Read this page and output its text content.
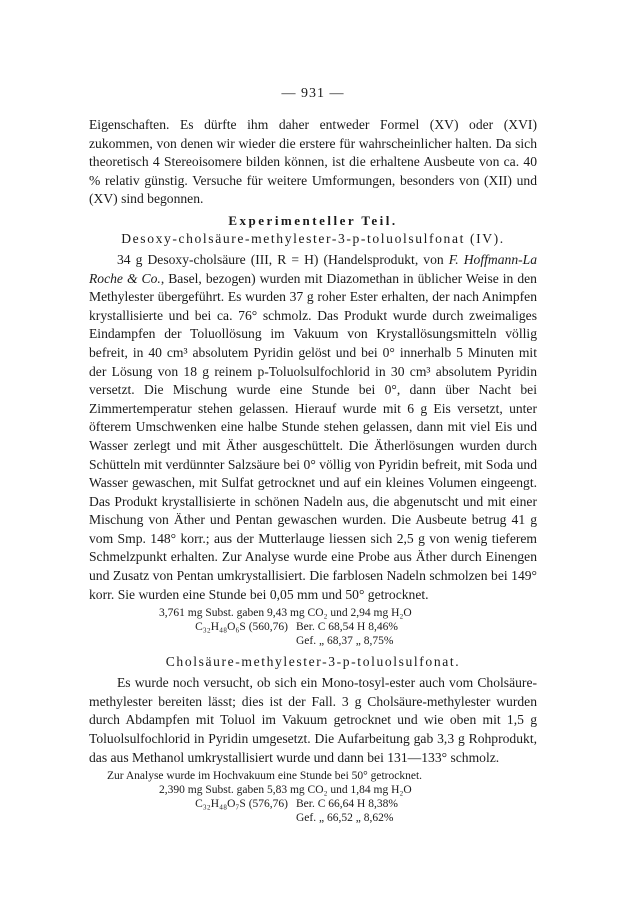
— 931 —

Eigenschaften. Es dürfte ihm daher entweder Formel (XV) oder (XVI) zukommen, von denen wir wieder die erstere für wahrscheinlicher halten. Da sich theoretisch 4 Stereoisomere bilden können, ist die erhaltene Ausbeute von ca. 40 % relativ günstig. Versuche für weitere Umformungen, besonders von (XII) und (XV) sind begonnen.

Experimenteller Teil.
Desoxy-cholsäure-methylester-3-p-toluolsulfonat (IV).

34 g Desoxy-cholsäure (III, R = H) (Handelsprodukt, von F. Hoffmann-La Roche & Co., Basel, bezogen) wurden mit Diazomethan in üblicher Weise in den Methylester übergeführt. Es wurden 37 g roher Ester erhalten, der nach Animpfen krystallisierte und bei ca. 76° schmolz. Das Produkt wurde durch zweimaliges Eindampfen der Toluollösung im Vakuum von Krystallösungsmitteln völlig befreit, in 40 cm³ absolutem Pyridin gelöst und bei 0° innerhalb 5 Minuten mit der Lösung von 18 g reinem p-Toluolsulfochlorid in 30 cm³ absolutem Pyridin versetzt. Die Mischung wurde eine Stunde bei 0°, dann über Nacht bei Zimmertemperatur stehen gelassen. Hierauf wurde mit 6 g Eis versetzt, unter öfterem Umschwenken eine halbe Stunde stehen gelassen, dann mit viel Eis und Wasser zerlegt und mit Äther ausgeschüttelt. Die Ätherlösungen wurden durch Schütteln mit verdünnter Salzsäure bei 0° völlig von Pyridin befreit, mit Soda und Wasser gewaschen, mit Sulfat getrocknet und auf ein kleines Volumen eingeengt. Das Produkt krystallisierte in schönen Nadeln aus, die abgenutscht und mit einer Mischung von Äther und Pentan gewaschen wurden. Die Ausbeute betrug 41 g vom Smp. 148° korr.; aus der Mutterlauge liessen sich 2,5 g von wenig tieferem Schmelzpunkt erhalten. Zur Analyse wurde eine Probe aus Äther durch Einengen und Zusatz von Pentan umkrystallisiert. Die farblosen Nadeln schmolzen bei 149° korr. Sie wurden eine Stunde bei 0,05 mm und 50° getrocknet.

3,761 mg Subst. gaben 9,43 mg CO₂ und 2,94 mg H₂O
C₃₂H₄₈O₆S (560,76) Ber. C 68,54 H 8,46%
Gef. „ 68,37 „ 8,75%
Cholsäure-methylester-3-p-toluolsulfonat.

Es wurde noch versucht, ob sich ein Mono-tosyl-ester auch vom Cholsäure-methylester bereiten lässt; dies ist der Fall. 3 g Cholsäure-methylester wurden durch Abdampfen mit Toluol im Vakuum getrocknet und wie oben mit 1,5 g Toluolsulfochlorid in Pyridin umgesetzt. Die Aufarbeitung gab 3,3 g Rohprodukt, das aus Methanol umkrystallisiert wurde und dann bei 131—133° schmolz.

Zur Analyse wurde im Hochvakuum eine Stunde bei 50° getrocknet.
2,390 mg Subst. gaben 5,83 mg CO₂ und 1,84 mg H₂O
C₃₂H₄₈O₇S (576,76) Ber. C 66,64 H 8,38%
Gef. „ 66,52 „ 8,62%
